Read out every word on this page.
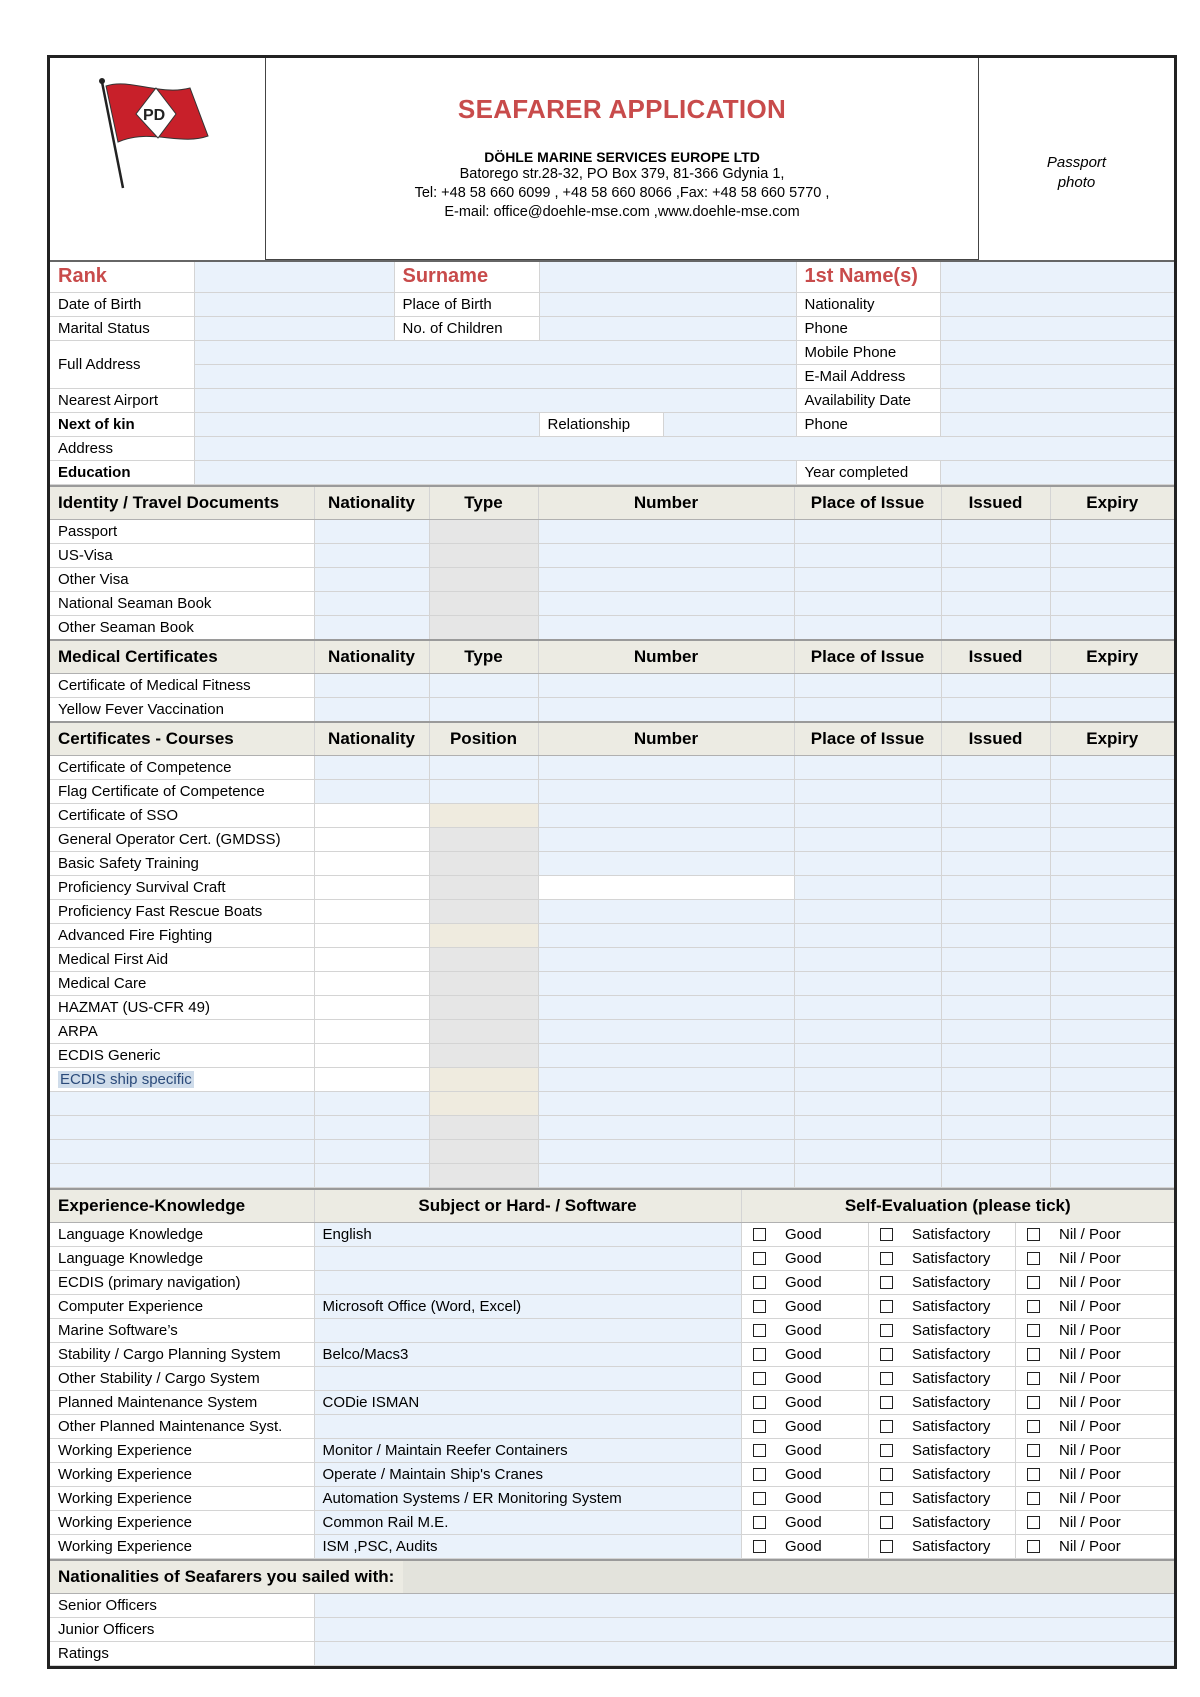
PD	SEAFARER APPLICATION
DÖHLE MARINE SERVICES EUROPE LTD
Batorego str.28-32, PO Box 379, 81-366 Gdynia 1,
Tel: +48 58 660 6099 , +48 58 660 8066 ,Fax: +48 58 660 5770 ,
E-mail: office@doehle-mse.com ,www.doehle-mse.com
Passport
photo
Rank		Surname		1st Name(s)	
Date of Birth		Place of Birth		Nationality	
Marital Status		No. of Children		Phone	
Full Address				Mobile Phone	
				E-Mail Address	
Nearest Airport				Availability Date	
Next of kin			Relationship	Phone	
Address					
Education				Year completed	
Identity / Travel Documents	Nationality	Type	Number	Place of Issue	Issued	Expiry
Passport						
US-Visa						
Other Visa						
National Seaman Book						
Other Seaman Book						
Medical Certificates	Nationality	Type	Number	Place of Issue	Issued	Expiry
Certificate of Medical Fitness						
Yellow Fever Vaccination						
Certificates - Courses	Nationality	Position	Number	Place of Issue	Issued	Expiry
Certificate of Competence						
Flag Certificate of Competence						
Certificate of SSO						
General Operator Cert. (GMDSS)						
Basic Safety Training						
Proficiency Survival Craft						
Proficiency Fast Rescue Boats						
Advanced Fire Fighting						
Medical First Aid						
Medical Care						
HAZMAT (US-CFR 49)						
ARPA						
ECDIS Generic						
ECDIS ship specific						

Experience-Knowledge	Subject or Hard- / Software	Self-Evaluation (please tick)					
Language Knowledge	English		Good		Satisfactory		Nil / Poor
Language Knowledge			Good		Satisfactory		Nil / Poor
ECDIS (primary navigation)			Good		Satisfactory		Nil / Poor
Computer Experience	Microsoft Office (Word, Excel)		Good		Satisfactory		Nil / Poor
Marine Software’s			Good		Satisfactory		Nil / Poor
Stability / Cargo Planning System	Belco/Macs3		Good		Satisfactory		Nil / Poor
Other Stability / Cargo System			Good		Satisfactory		Nil / Poor
Planned Maintenance System	CODie ISMAN		Good		Satisfactory		Nil / Poor
Other Planned Maintenance Syst.			Good		Satisfactory		Nil / Poor
Working Experience	Monitor / Maintain Reefer Containers		Good		Satisfactory		Nil / Poor
Working Experience	Operate / Maintain Ship's Cranes		Good		Satisfactory		Nil / Poor
Working Experience	Automation Systems / ER Monitoring System		Good		Satisfactory		Nil / Poor
Working Experience	Common Rail M.E.		Good		Satisfactory		Nil / Poor
Working Experience	ISM ,PSC, Audits		Good		Satisfactory		Nil / Poor
Nationalities of Seafarers you sailed with:	

Senior Officers	
Junior Officers	
Ratings	
